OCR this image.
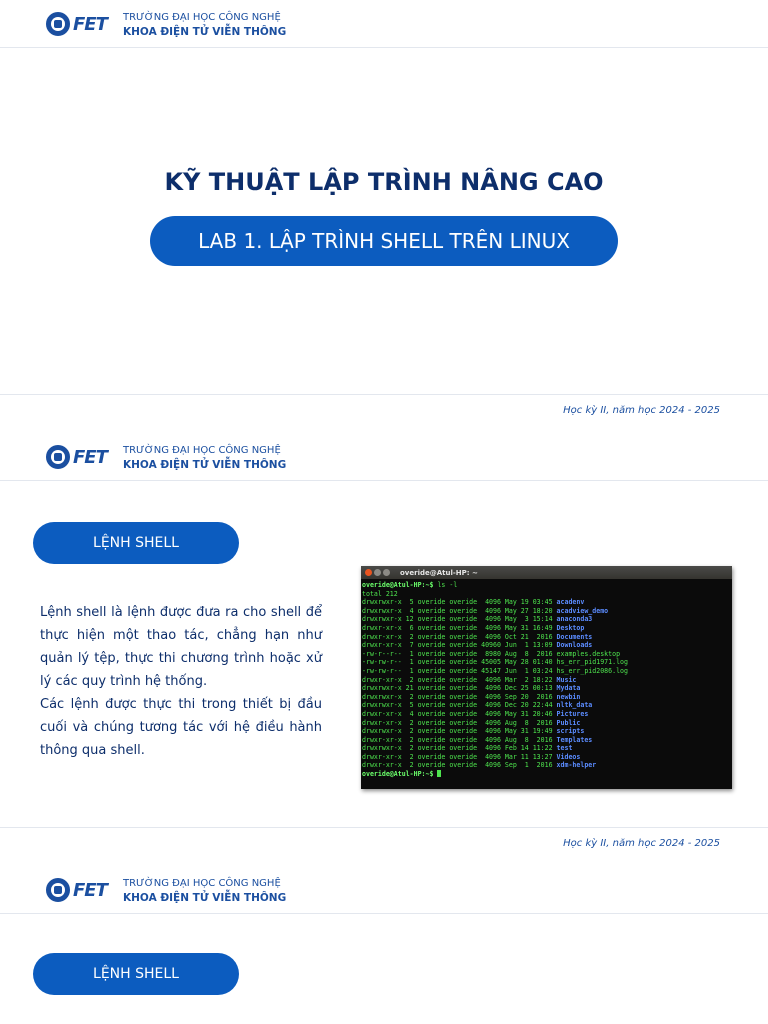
FET TRƯỜNG ĐẠI HỌC CÔNG NGHỆ
KHOA ĐIỆN TỬ VIỄN THÔNG
KỸ THUẬT LẬP TRÌNH NÂNG CAO
LAB 1. LẬP TRÌNH SHELL TRÊN LINUX
Học kỳ II, năm học 2024 - 2025
FET TRƯỜNG ĐẠI HỌC CÔNG NGHỆ
KHOA ĐIỆN TỬ VIỄN THÔNG
Học kỳ II, năm học 2024 - 2025
LỆNH SHELL
Lệnh shell là lệnh được đưa ra cho shell để thực hiện một thao tác, chẳng hạn như quản lý tệp, thực thi chương trình hoặc xử lý các quy trình hệ thống.
Các lệnh được thực thi trong thiết bị đầu cuối và chúng tương tác với hệ điều hành thông qua shell.
overide@Atul-HP: ~
overide@Atul-HP:~$ ls -l
total 212
drwxrwxr-x  5 overide overide  4096 May 19 03:45 acadenv
drwxrwxr-x  4 overide overide  4096 May 27 18:20 acadview_demo
drwxrwxr-x 12 overide overide  4096 May  3 15:14 anaconda3
drwxr-xr-x  6 overide overide  4096 May 31 16:49 Desktop
drwxr-xr-x  2 overide overide  4096 Oct 21  2016 Documents
drwxr-xr-x  7 overide overide 40960 Jun  1 13:09 Downloads
-rw-r--r--  1 overide overide  8980 Aug  8  2016 examples.desktop
-rw-rw-r--  1 overide overide 45005 May 28 01:40 hs_err_pid1971.log
-rw-rw-r--  1 overide overide 45147 Jun  1 03:24 hs_err_pid2086.log
drwxr-xr-x  2 overide overide  4096 Mar  2 18:22 Music
drwxrwxr-x 21 overide overide  4096 Dec 25 00:13 Mydata
drwxrwxr-x  2 overide overide  4096 Sep 20  2016 newbin
drwxrwxr-x  5 overide overide  4096 Dec 20 22:44 nltk_data
drwxr-xr-x  4 overide overide  4096 May 31 20:46 Pictures
drwxr-xr-x  2 overide overide  4096 Aug  8  2016 Public
drwxrwxr-x  2 overide overide  4096 May 31 19:49 scripts
drwxr-xr-x  2 overide overide  4096 Aug  8  2016 Templates
drwxrwxr-x  2 overide overide  4096 Feb 14 11:22 test
drwxr-xr-x  2 overide overide  4096 Mar 11 13:27 Videos
drwxr-xr-x  2 overide overide  4096 Sep  1  2016 xdm-helper
overide@Atul-HP:~$
FET TRƯỜNG ĐẠI HỌC CÔNG NGHỆ
KHOA ĐIỆN TỬ VIỄN THÔNG
LỆNH SHELL
